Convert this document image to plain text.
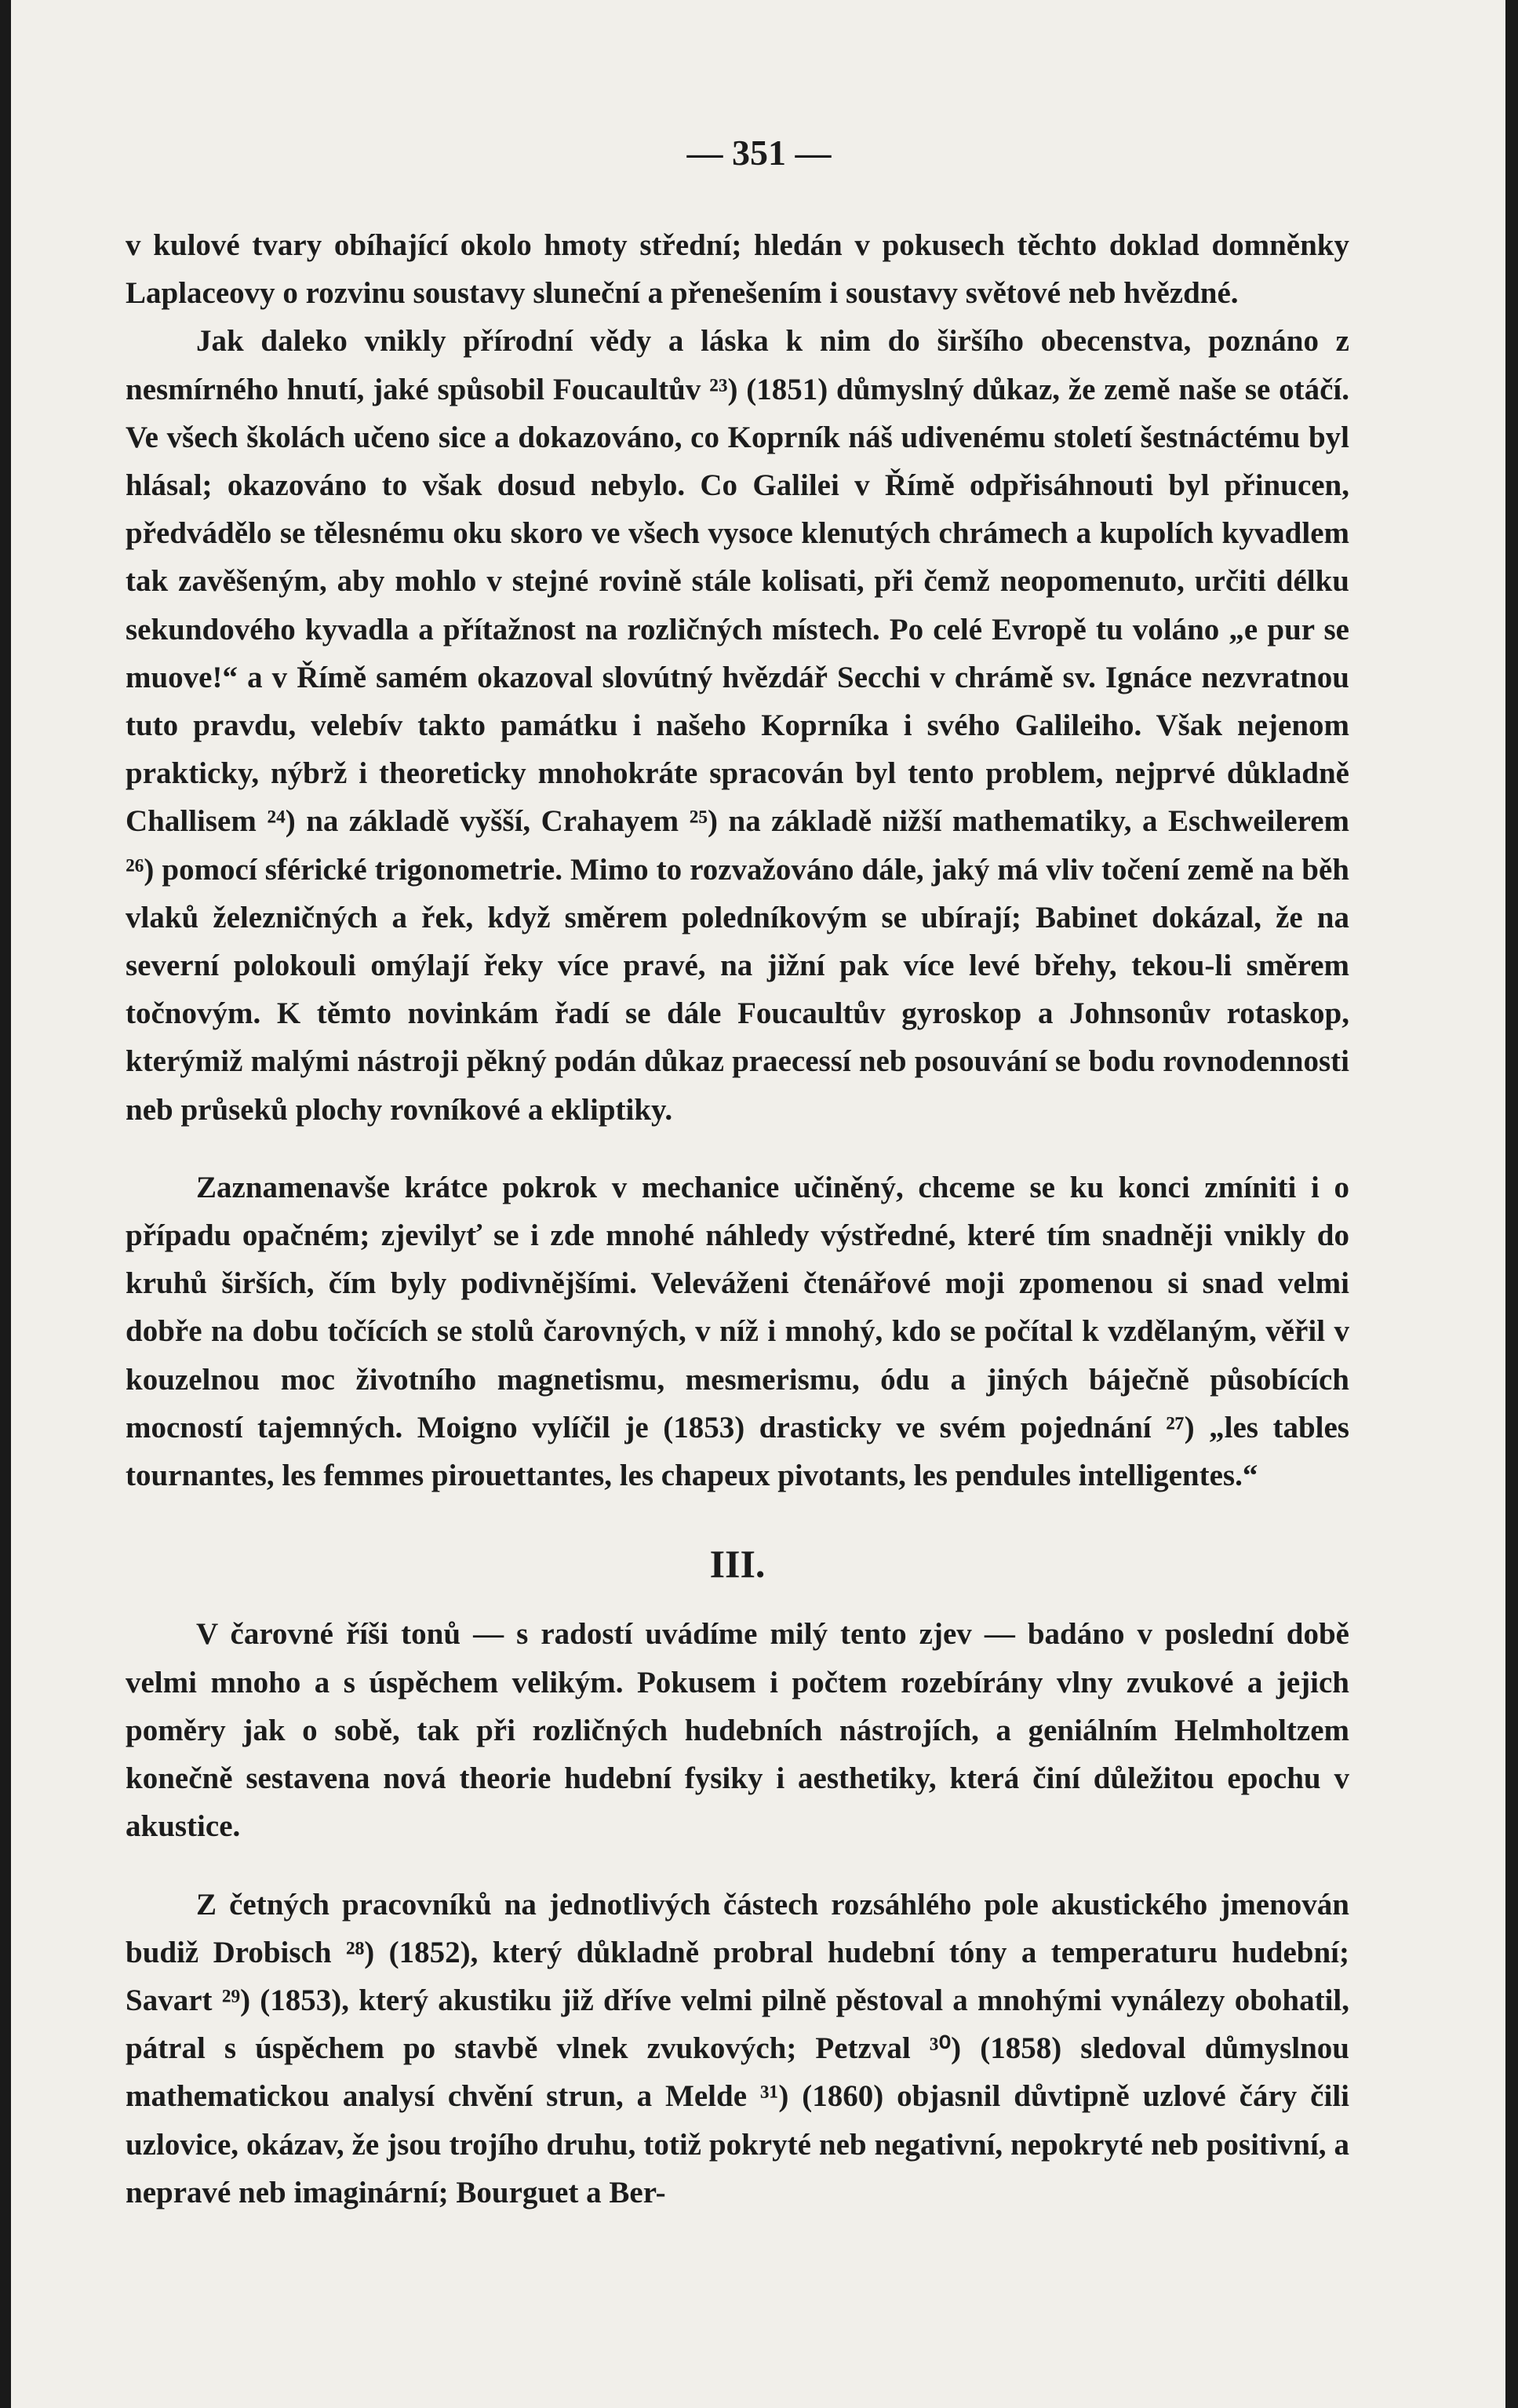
— 351 —

v kulové tvary obíhající okolo hmoty střední; hledán v pokusech těchto doklad domněnky Laplaceovy o rozvinu soustavy sluneční a přenešením i soustavy světové neb hvězdné.

Jak daleko vnikly přírodní vědy a láska k nim do širšího obecenstva, poznáno z nesmírného hnutí, jaké spůsobil Foucaultův ²³) (1851) důmyslný důkaz, že země naše se otáčí. Ve všech školách učeno sice a dokazováno, co Koprník náš udivenému století šestnáctému byl hlásal; okazováno to však dosud nebylo. Co Galilei v Římě odpřisáhnouti byl přinucen, předvádělo se tělesnému oku skoro ve všech vysoce klenutých chrámech a kupolích kyvadlem tak zavěšeným, aby mohlo v stejné rovině stále kolisati, při čemž neopomenuto, určiti délku sekundového kyvadla a přítažnost na rozličných místech. Po celé Evropě tu voláno „e pur se muove!“ a v Římě samém okazoval slovútný hvězdář Secchi v chrámě sv. Ignáce nezvratnou tuto pravdu, velebív takto památku i našeho Koprníka i svého Galileiho. Však nejenom prakticky, nýbrž i theoreticky mnohokráte spracován byl tento problem, nejprvé důkladně Challisem ²⁴) na základě vyšší, Crahayem ²⁵) na základě nižší mathematiky, a Eschweilerem ²⁶) pomocí sférické trigonometrie. Mimo to rozvažováno dále, jaký má vliv točení země na běh vlaků železničných a řek, když směrem poledníkovým se ubírají; Babinet dokázal, že na severní polokouli omýlají řeky více pravé, na jižní pak více levé břehy, tekou-li směrem točnovým. K těmto novinkám řadí se dále Foucaultův gyroskop a Johnsonův rotaskop, kterýmiž malými nástroji pěkný podán důkaz praecessí neb posouvání se bodu rovnodennosti neb průseků plochy rovníkové a ekliptiky.

Zaznamenavše krátce pokrok v mechanice učiněný, chceme se ku konci zmíniti i o případu opačném; zjevilyť se i zde mnohé náhledy výstředné, které tím snadněji vnikly do kruhů širších, čím byly podivnějšími. Veleváženi čtenářové moji zpomenou si snad velmi dobře na dobu točících se stolů čarovných, v níž i mnohý, kdo se počítal k vzdělaným, věřil v kouzelnou moc životního magnetismu, mesmerismu, ódu a jiných báječně působících mocností tajemných. Moigno vylíčil je (1853) drasticky ve svém pojednání ²⁷) „les tables tournantes, les femmes pirouettantes, les chapeux pivotants, les pendules intelligentes.“

III.

V čarovné říši tonů — s radostí uvádíme milý tento zjev — badáno v poslední době velmi mnoho a s úspěchem velikým. Pokusem i počtem rozebírány vlny zvukové a jejich poměry jak o sobě, tak při rozličných hudebních nástrojích, a geniálním Helmholtzem konečně sestavena nová theorie hudební fysiky i aesthetiky, která činí důležitou epochu v akustice.

Z četných pracovníků na jednotlivých částech rozsáhlého pole akustického jmenován budiž Drobisch ²⁸) (1852), který důkladně probral hudební tóny a temperaturu hudební; Savart ²⁹) (1853), který akustiku již dříve velmi pilně pěstoval a mnohými vynálezy obohatil, pátral s úspěchem po stavbě vlnek zvukových; Petzval ³⁰) (1858) sledoval důmyslnou mathematickou analysí chvění strun, a Melde ³¹) (1860) objasnil důvtipně uzlové čáry čili uzlovice, okázav, že jsou trojího druhu, totiž pokryté neb negativní, nepokryté neb positivní, a nepravé neb imaginární; Bourguet a Ber-
